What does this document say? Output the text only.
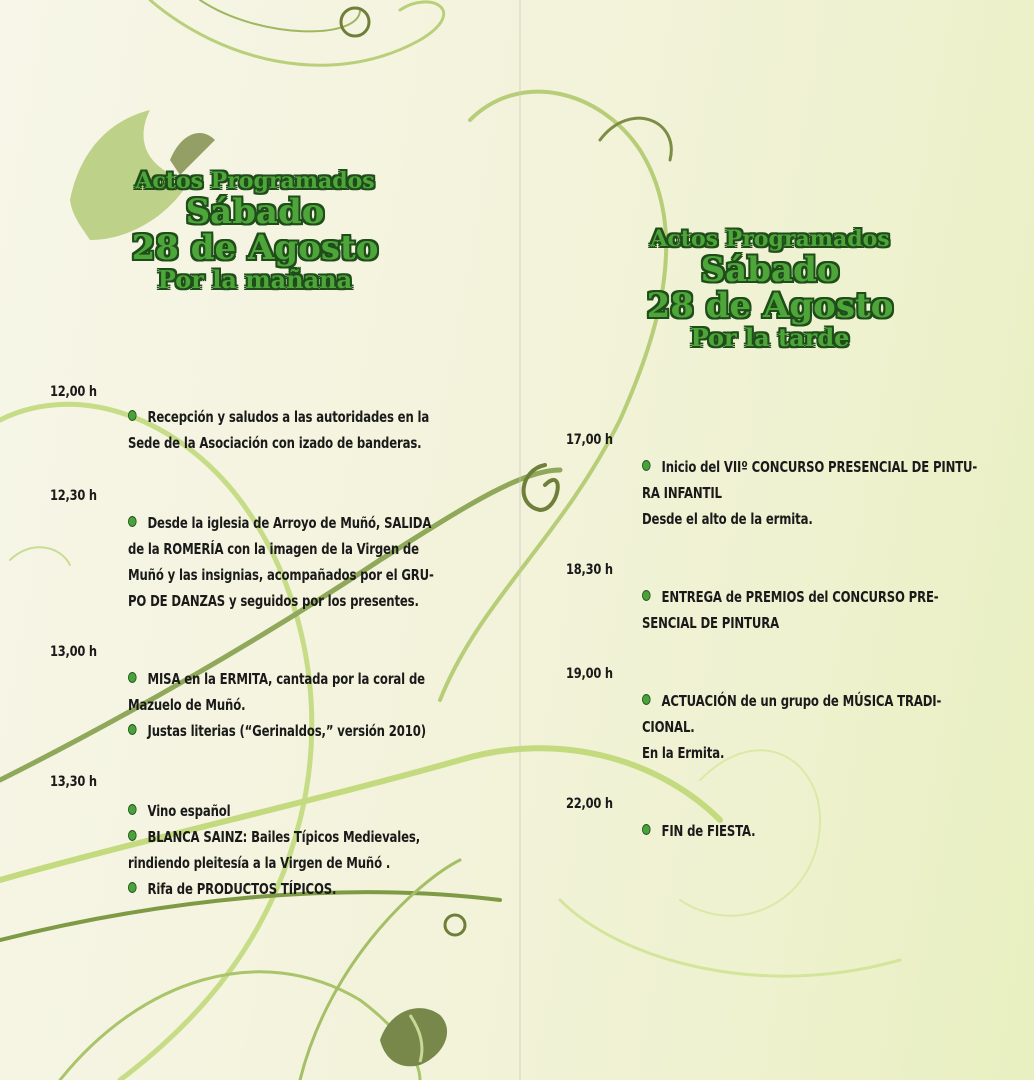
Actos Programados
Sábado
28 de Agosto
Por la mañana
Actos Programados
Sábado
28 de Agosto
Por la tarde
12,00 h
Recepción y saludos a las autoridades en la
Sede de la Asociación con izado de banderas.
12,30 h
Desde la iglesia de Arroyo de Muñó, SALIDA
de la ROMERÍA con la imagen de la Virgen de
Muñó y las insignias, acompañados por el GRU-
PO DE DANZAS y seguidos por los presentes.
13,00 h
MISA en la ERMITA, cantada por la coral de
Mazuelo de Muñó.
Justas literias (“Gerinaldos,” versión 2010)
13,30 h
Vino español
BLANCA SAINZ: Bailes Típicos Medievales,
rindiendo pleitesía a la Virgen de Muñó .
Rifa de PRODUCTOS TÍPICOS.
17,00 h
Inicio del VIIº CONCURSO PRESENCIAL DE PINTU-
RA INFANTIL
Desde el alto de la ermita.
18,30 h
ENTREGA de PREMIOS del CONCURSO PRE-
SENCIAL DE PINTURA
19,00 h
ACTUACIÓN de un grupo de MÚSICA TRADI-
CIONAL.
En la Ermita.
22,00 h
FIN de FIESTA.
